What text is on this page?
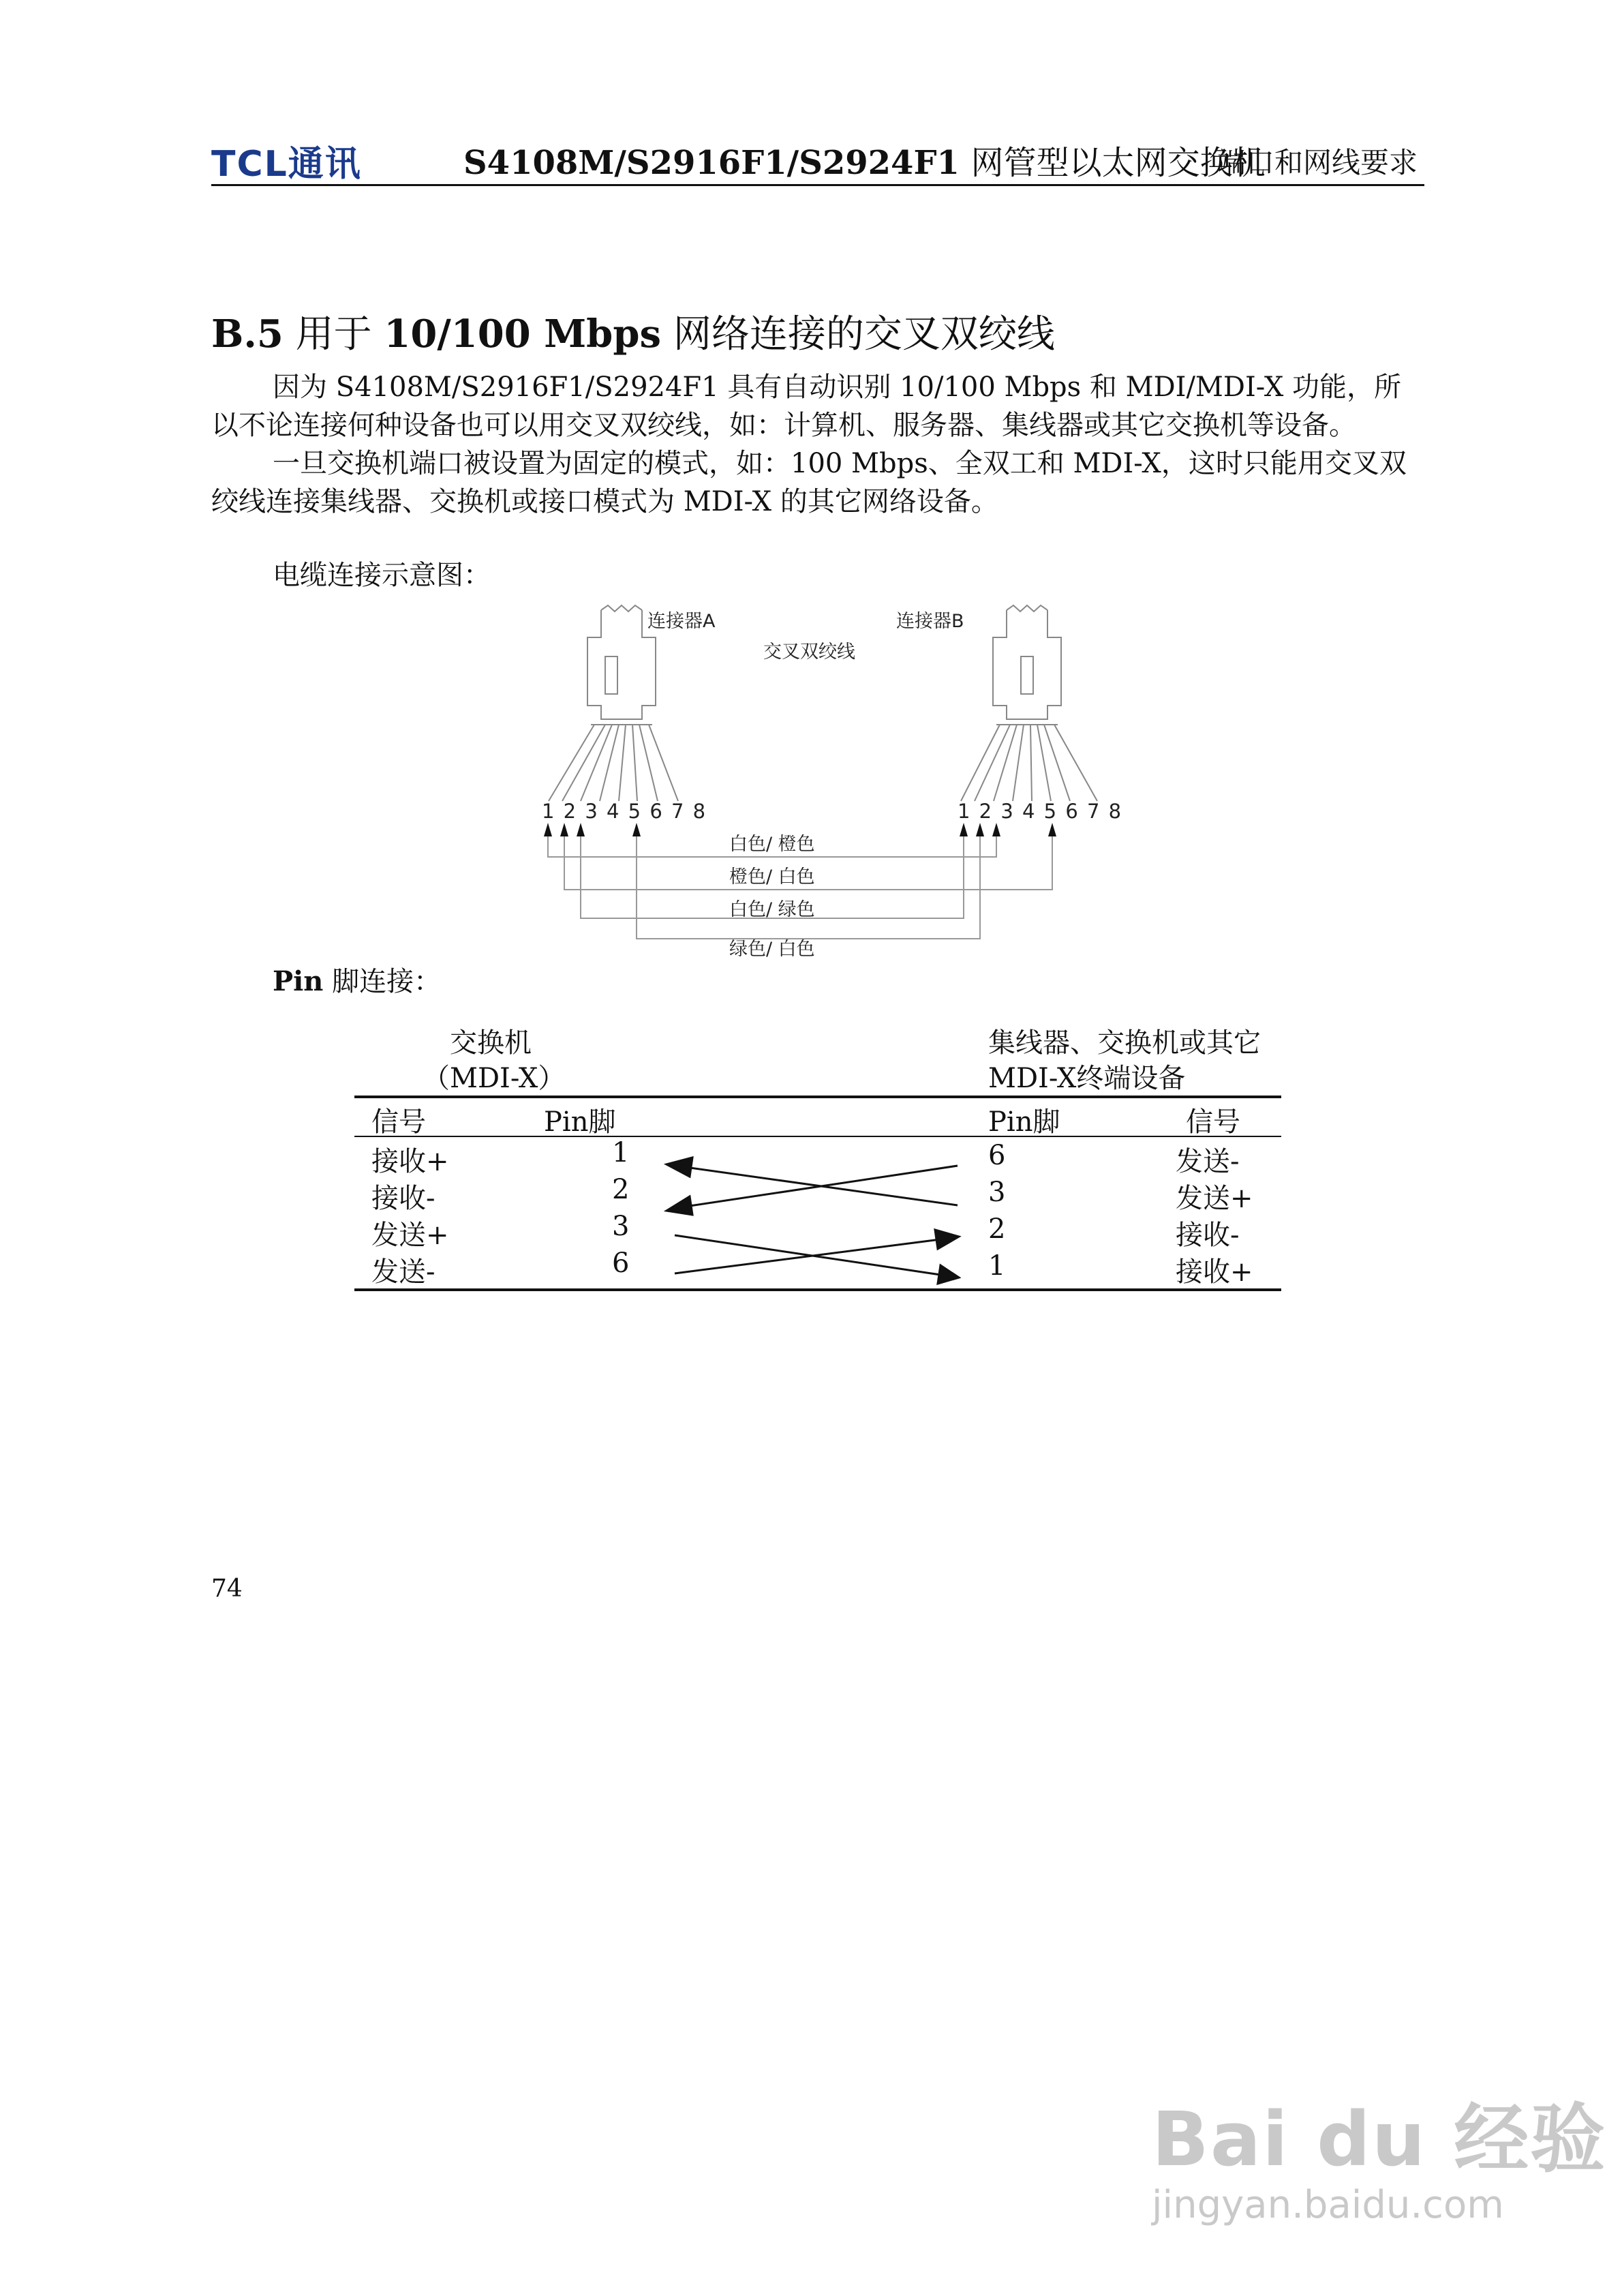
TCL通讯	S4108M/S2916F1/S2924F1 网管型以太网交换机
端口和网线要求
B.5 用于 10/100 Mbps 网络连接的交叉双绞线
因为 S4108M/S2916F1/S2924F1 具有自动识别 10/100 Mbps 和 MDI/MDI-X 功能，所以不论连接何种设备也可以用交叉双绞线，如：计算机、服务器、集线器或其它交换机等设备。
一旦交换机端口被设置为固定的模式，如：100 Mbps、全双工和 MDI-X，这时只能用交叉双绞线连接集线器、交换机或接口模式为 MDI-X 的其它网络设备。
电缆连接示意图：
连接器A	连接器B
交叉双绞线
1 2 3 4 5 6 7 8	1 2 3 4 5 6 7 8
白色/ 橙色
橙色/ 白色
白色/ 绿色
绿色/ 白色
Pin 脚连接：
交换机
（MDI-X）
集线器、交换机或其它
MDI-X终端设备
信号	Pin脚	Pin脚	信号
接收+	1	6	发送-
接收-	2	3	发送+
发送+	3	2	接收-
发送-	6	1	接收+
74
Bai du 经验
jingyan.baidu.com
